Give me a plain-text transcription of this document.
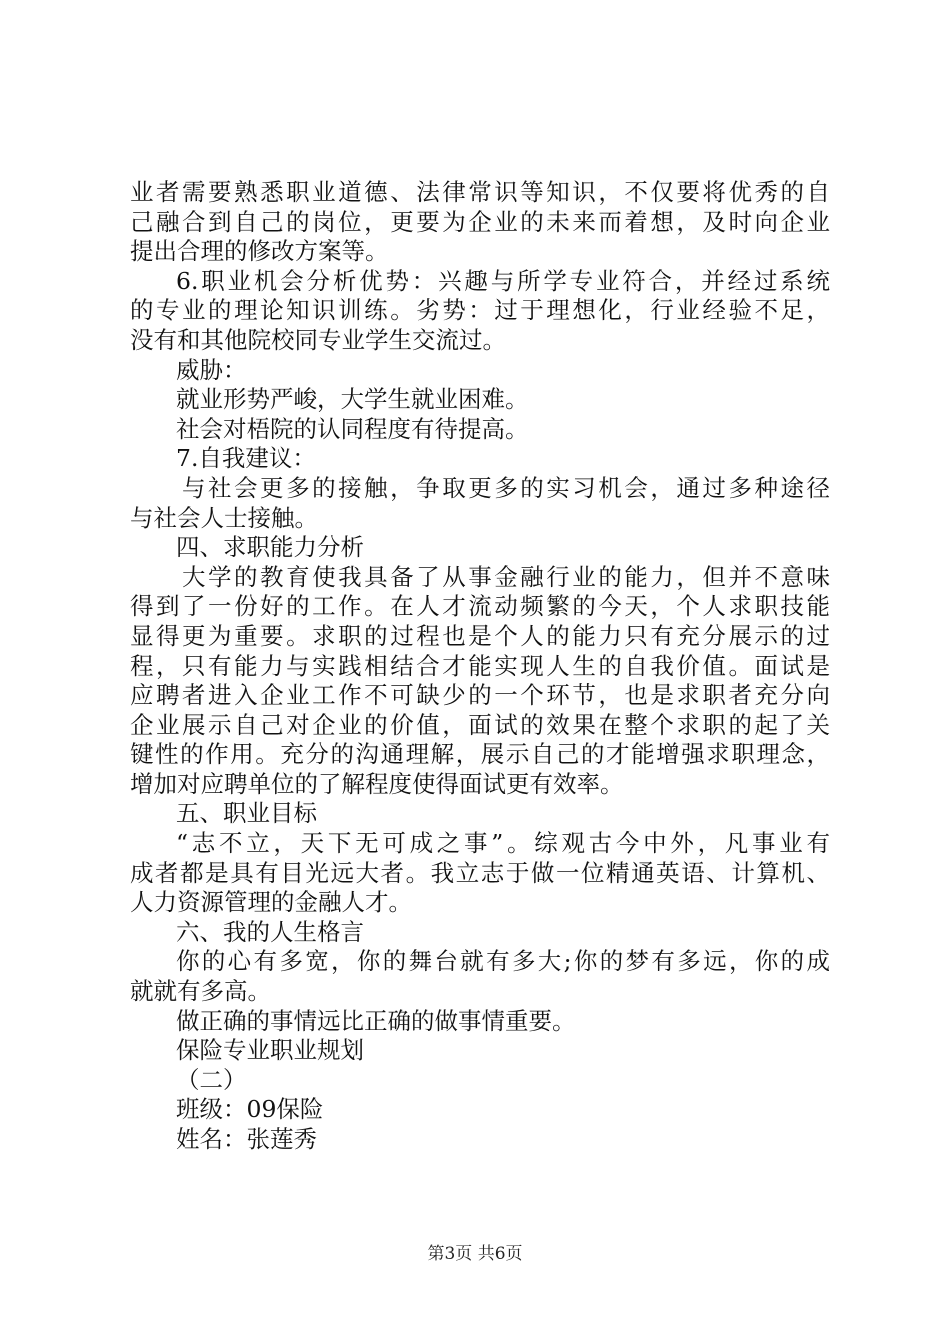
业者需要熟悉职业道德、法律常识等知识，不仅要将优秀的自
己融合到自己的岗位，更要为企业的未来而着想，及时向企业
提出合理的修改方案等。
6.职业机会分析优势：兴趣与所学专业符合，并经过系统
的专业的理论知识训练。劣势：过于理想化，行业经验不足，
没有和其他院校同专业学生交流过。
威胁：
就业形势严峻，大学生就业困难。
社会对梧院的认同程度有待提高。
7.自我建议：
与社会更多的接触，争取更多的实习机会，通过多种途径
与社会人士接触。
四、求职能力分析
大学的教育使我具备了从事金融行业的能力，但并不意味
得到了一份好的工作。在人才流动频繁的今天，个人求职技能
显得更为重要。求职的过程也是个人的能力只有充分展示的过
程，只有能力与实践相结合才能实现人生的自我价值。面试是
应聘者进入企业工作不可缺少的一个环节，也是求职者充分向
企业展示自己对企业的价值，面试的效果在整个求职的起了关
键性的作用。充分的沟通理解，展示自己的才能增强求职理念，
增加对应聘单位的了解程度使得面试更有效率。
五、职业目标
“志不立，天下无可成之事”。综观古今中外，凡事业有
成者都是具有目光远大者。我立志于做一位精通英语、计算机、
人力资源管理的金融人才。
六、我的人生格言
你的心有多宽，你的舞台就有多大;你的梦有多远，你的成
就就有多高。
做正确的事情远比正确的做事情重要。
保险专业职业规划
（二）
班级：09保险
姓名：张莲秀
第3页 共6页
